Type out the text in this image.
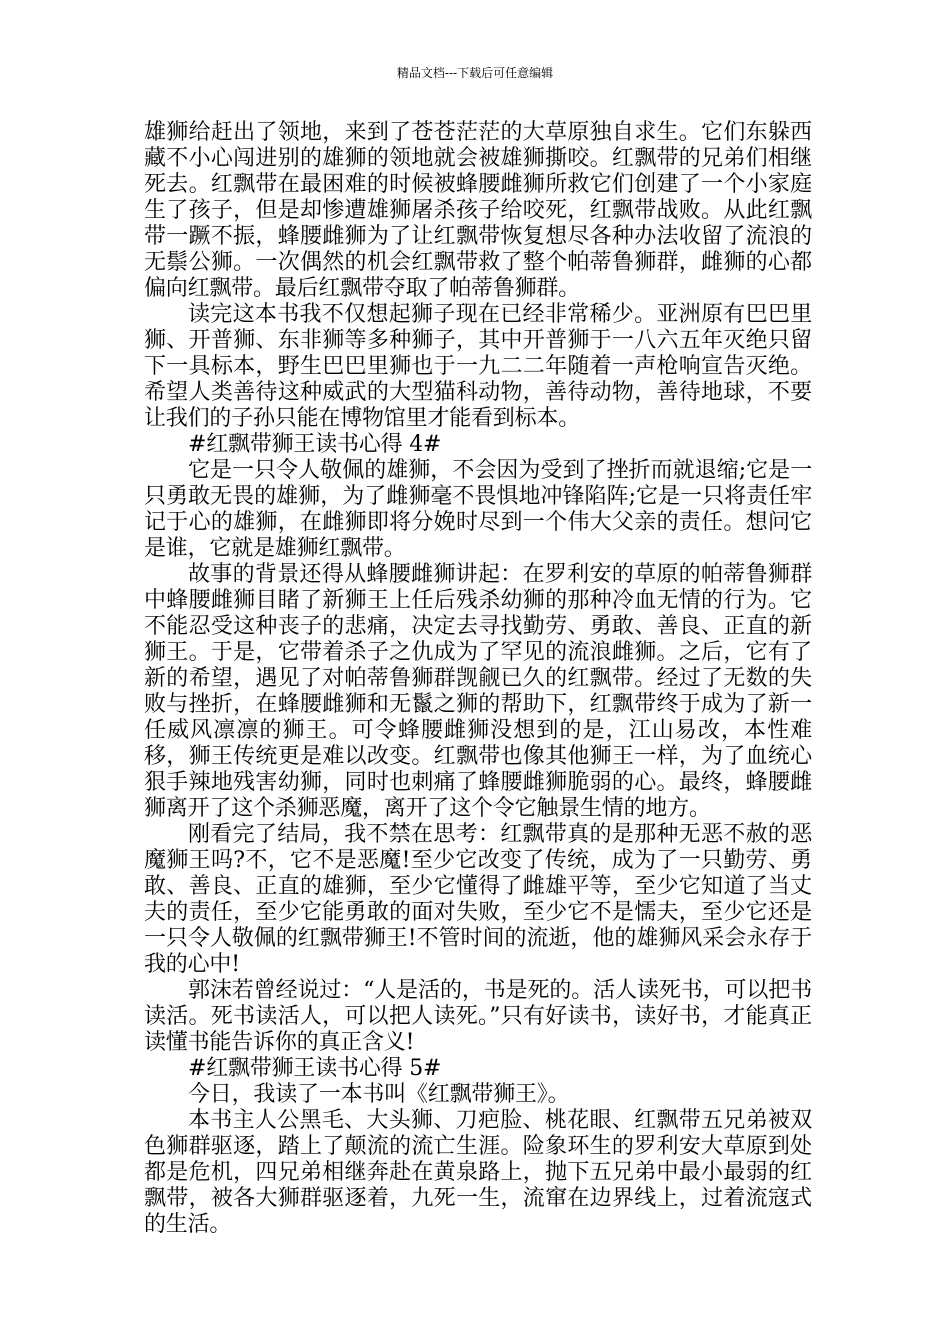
精品文档---下载后可任意编辑

雄狮给赶出了领地，来到了苍苍茫茫的大草原独自求生。它们东躲西藏不小心闯进别的雄狮的领地就会被雄狮撕咬。红飘带的兄弟们相继死去。红飘带在最困难的时候被蜂腰雌狮所救它们创建了一个小家庭生了孩子，但是却惨遭雄狮屠杀孩子给咬死，红飘带战败。从此红飘带一蹶不振，蜂腰雌狮为了让红飘带恢复想尽各种办法收留了流浪的无鬃公狮。一次偶然的机会红飘带救了整个帕蒂鲁狮群，雌狮的心都偏向红飘带。最后红飘带夺取了帕蒂鲁狮群。

读完这本书我不仅想起狮子现在已经非常稀少。亚洲原有巴巴里狮、开普狮、东非狮等多种狮子，其中开普狮于一八六五年灭绝只留下一具标本，野生巴巴里狮也于一九二二年随着一声枪响宣告灭绝。希望人类善待这种威武的大型猫科动物，善待动物，善待地球，不要让我们的子孙只能在博物馆里才能看到标本。

#红飘带狮王读书心得 4#

它是一只令人敬佩的雄狮，不会因为受到了挫折而就退缩;它是一只勇敢无畏的雄狮，为了雌狮毫不畏惧地冲锋陷阵;它是一只将责任牢记于心的雄狮，在雌狮即将分娩时尽到一个伟大父亲的责任。想问它是谁，它就是雄狮红飘带。

故事的背景还得从蜂腰雌狮讲起：在罗利安的草原的帕蒂鲁狮群中蜂腰雌狮目睹了新狮王上任后残杀幼狮的那种冷血无情的行为。它不能忍受这种丧子的悲痛，决定去寻找勤劳、勇敢、善良、正直的新狮王。于是，它带着杀子之仇成为了罕见的流浪雌狮。之后，它有了新的希望，遇见了对帕蒂鲁狮群觊觎已久的红飘带。经过了无数的失败与挫折，在蜂腰雌狮和无鬣之狮的帮助下，红飘带终于成为了新一任威风凛凛的狮王。可令蜂腰雌狮没想到的是，江山易改，本性难移，狮王传统更是难以改变。红飘带也像其他狮王一样，为了血统心狠手辣地残害幼狮，同时也刺痛了蜂腰雌狮脆弱的心。最终，蜂腰雌狮离开了这个杀狮恶魔，离开了这个令它触景生情的地方。

刚看完了结局，我不禁在思考：红飘带真的是那种无恶不赦的恶魔狮王吗?不，它不是恶魔!至少它改变了传统，成为了一只勤劳、勇敢、善良、正直的雄狮，至少它懂得了雌雄平等，至少它知道了当丈夫的责任，至少它能勇敢的面对失败，至少它不是懦夫，至少它还是一只令人敬佩的红飘带狮王!不管时间的流逝，他的雄狮风采会永存于我的心中!

郭沫若曾经说过：“人是活的，书是死的。活人读死书，可以把书读活。死书读活人，可以把人读死。”只有好读书，读好书，才能真正读懂书能告诉你的真正含义!

#红飘带狮王读书心得 5#

今日，我读了一本书叫《红飘带狮王》。

本书主人公黑毛、大头狮、刀疤脸、桃花眼、红飘带五兄弟被双色狮群驱逐，踏上了颠流的流亡生涯。险象环生的罗利安大草原到处都是危机，四兄弟相继奔赴在黄泉路上，抛下五兄弟中最小最弱的红飘带，被各大狮群驱逐着，九死一生，流窜在边界线上，过着流寇式的生活。
